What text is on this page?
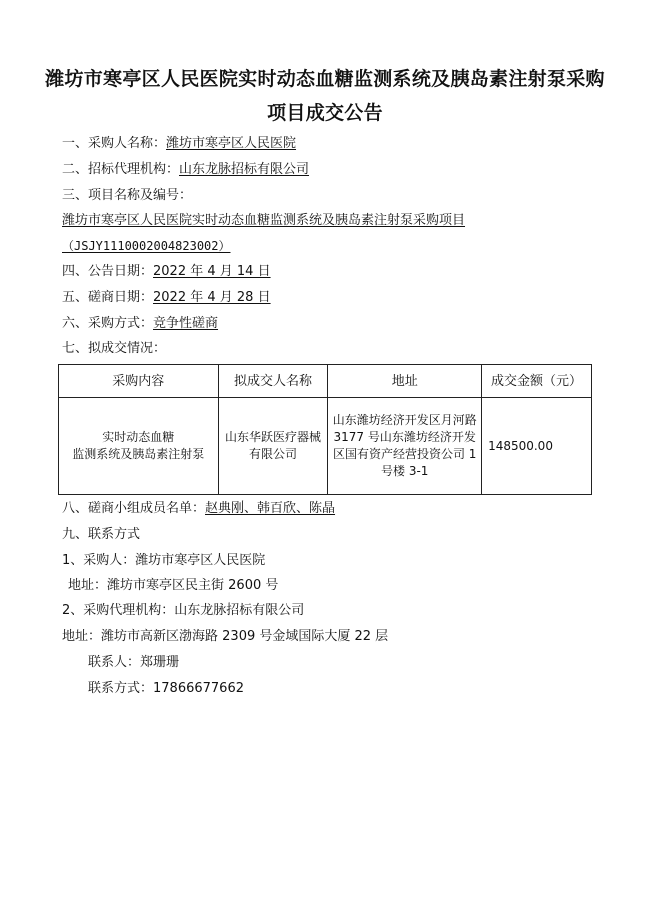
潍坊市寒亭区人民医院实时动态血糖监测系统及胰岛素注射泵采购项目成交公告
一、采购人名称：潍坊市寒亭区人民医院
二、招标代理机构：山东龙脉招标有限公司
三、项目名称及编号：
潍坊市寒亭区人民医院实时动态血糖监测系统及胰岛素注射泵采购项目
（JSJY1110002004823002）
四、公告日期：2022 年 4 月 14 日
五、磋商日期：2022 年 4 月 28 日
六、采购方式：竞争性磋商
七、拟成交情况：
采购内容	拟成交人名称	地址	成交金额（元）
实时动态血糖
监测系统及胰岛素注射泵	山东华跃医疗器械有限公司	山东潍坊经济开发区月河路 3177 号山东潍坊经济开发区国有资产经营投资公司 1 号楼 3-1	148500.00
八、磋商小组成员名单：赵典刚、韩百欣、陈晶
九、联系方式
1、采购人：潍坊市寒亭区人民医院
地址：潍坊市寒亭区民主街 2600 号
2、采购代理机构：山东龙脉招标有限公司
地址：潍坊市高新区渤海路 2309 号金域国际大厦 22 层
联系人：郑珊珊
联系方式：17866677662
